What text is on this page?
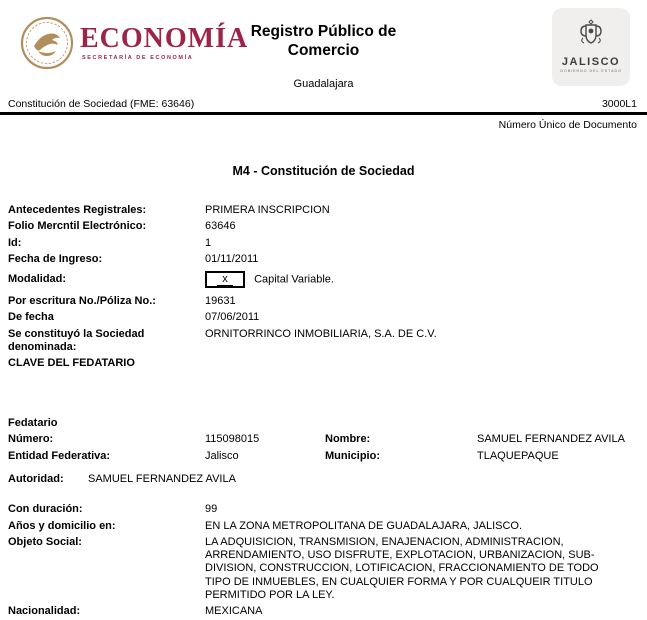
ECONOMÍA
SECRETARÍA DE ECONOMÍA
Registro Público de
Comercio
Guadalajara
JALISCO
GOBIERNO DEL ESTADO
Constitución de Sociedad (FME: 63646)	3000L1
Número Único de Documento
M4 - Constitución de Sociedad
Antecedentes Registrales:	PRIMERA INSCRIPCION
Folio Mercntil Electrónico:	63646
Id:	1
Fecha de Ingreso:	01/11/2011
Modalidad:	x Capital Variable.
Por escritura No./Póliza No.:	19631
De fecha	07/06/2011
Se constituyó la Sociedad denominada:
ORNITORRINCO INMOBILIARIA, S.A. DE C.V.
CLAVE DEL FEDATARIO
Fedatario
Número:	115098015	Nombre:	SAMUEL FERNANDEZ AVILA
Entidad Federativa:	Jalisco	Municipio:	TLAQUEPAQUE
Autoridad:	SAMUEL FERNANDEZ AVILA
Con duración:	99
Años y domicilio en:	EN LA ZONA METROPOLITANA DE GUADALAJARA, JALISCO.
Objeto Social:	LA ADQUISICION, TRANSMISION, ENAJENACION, ADMINISTRACION, ARRENDAMIENTO, USO DISFRUTE, EXPLOTACION, URBANIZACION, SUB-DIVISION, CONSTRUCCION, LOTIFICACION, FRACCIONAMIENTO DE TODO TIPO DE INMUEBLES, EN CUALQUIER FORMA Y POR CUALQUEIR TITULO PERMITIDO POR LA LEY.
Nacionalidad:	MEXICANA
